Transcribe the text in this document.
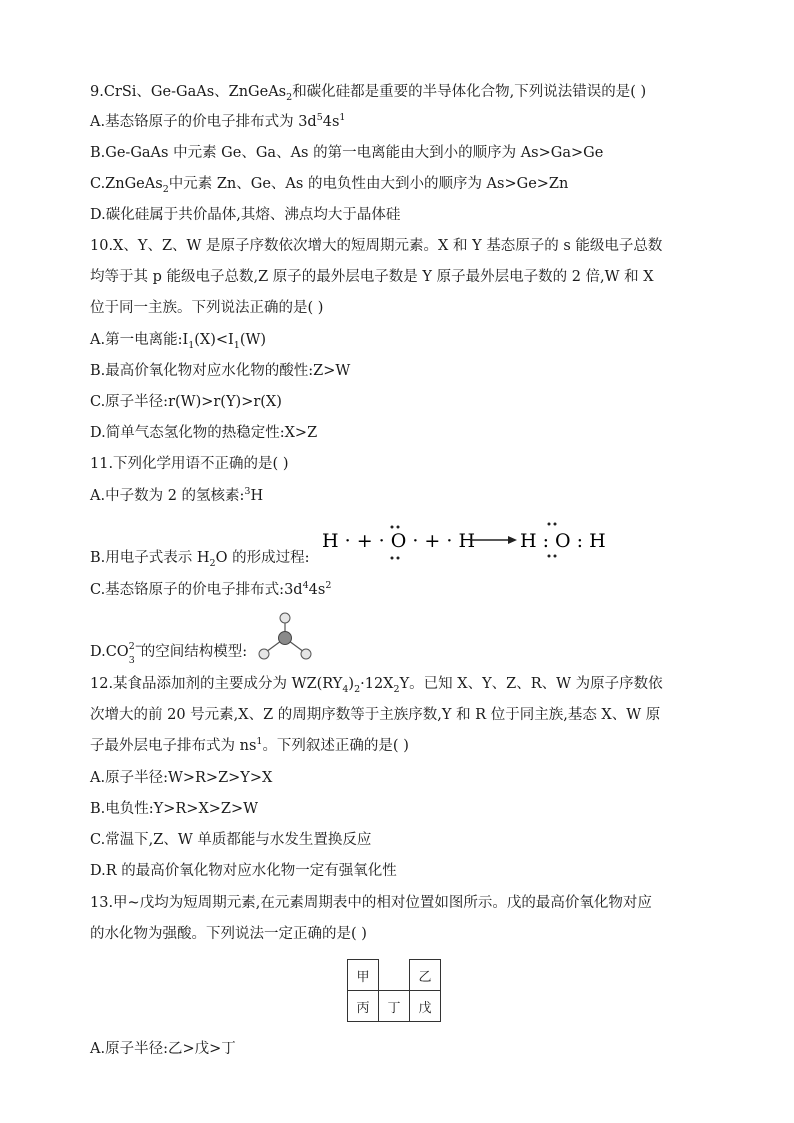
9.CrSi、Ge-GaAs、ZnGeAs$_2$和碳化硅都是重要的半导体化合物,下列说法错误的是( )
A.基态铬原子的价电子排布式为 $3d^54s^1$
B.Ge-GaAs 中元素 Ge、Ga、As 的第一电离能由大到小的顺序为 As>Ga>Ge
C.ZnGeAs$_2$中元素 Zn、Ge、As 的电负性由大到小的顺序为 As>Ge>Zn
D.碳化硅属于共价晶体,其熔、沸点均大于晶体硅
10.X、Y、Z、W 是原子序数依次增大的短周期元素。X 和 Y 基态原子的 s 能级电子总数
均等于其 p 能级电子总数,Z 原子的最外层电子数是 Y 原子最外层电子数的 2 倍,W 和 X
位于同一主族。下列说法正确的是( )
A.第一电离能$:I_1(X)<I_1(W)$
B.最高价氧化物对应水化物的酸性:Z>W
C.原子半径:r(W)>r(Y)>r(X)
D.简单气态氢化物的热稳定性:X>Z
11.下列化学用语不正确的是( )
A.中子数为 2 的氢核素:$^3$H
B.用电子式表示 $H_2O$ 的形成过程:
H · + · O · + · H H : O : H
C.基态铬原子的价电子排布式$:3d^44s^2$
D.CO 2−
3
的空间结构模型:
12.某食品添加剂的主要成分为 $WZ(RY_4)_2\cdot 12X_2Y$。已知 X、Y、Z、R、W 为原子序数依
次增大的前 20 号元素,X、Z 的周期序数等于主族序数,Y 和 R 位于同主族,基态 X、W 原
子最外层电子排布式为 $ns^1$。下列叙述正确的是( )
A.原子半径:W>R>Z>Y>X
B.电负性:Y>R>X>Z>W
C.常温下,Z、W 单质都能与水发生置换反应
D.R 的最高价氧化物对应水化物一定有强氧化性
13.甲~戊均为短周期元素,在元素周期表中的相对位置如图所示。戊的最高价氧化物对应
的水化物为强酸。下列说法一定正确的是( )
甲		乙
丙	丁	戊
A.原子半径:乙>戊>丁
